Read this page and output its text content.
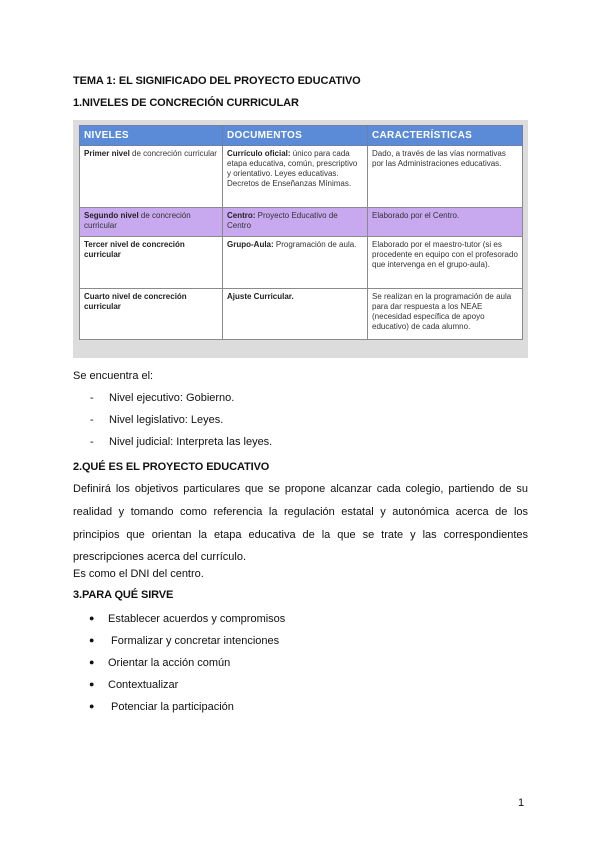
TEMA 1: EL SIGNIFICADO DEL PROYECTO EDUCATIVO
1.NIVELES DE CONCRECIÓN CURRICULAR
NIVELES	DOCUMENTOS	CARACTERÍSTICAS
Primer nivel de concreción curricular	Currículo oficial: único para cada etapa educativa, común, prescriptivo y orientativo. Leyes educativas. Decretos de Enseñanzas Mínimas.	Dado, a través de las vías normativas por las Administraciones educativas.
Segundo nivel de concreción curricular	Centro: Proyecto Educativo de Centro	Elaborado por el Centro.
Tercer nivel de concreción curricular	Grupo-Aula: Programación de aula.	Elaborado por el maestro-tutor (si es procedente en equipo con el profesorado que intervenga en el grupo-aula).
Cuarto nivel de concreción curricular	Ajuste Curricular.	Se realizan en la programación de aula para dar respuesta a los NEAE (necesidad específica de apoyo educativo) de cada alumno.
Se encuentra el:
- Nivel ejecutivo: Gobierno.
- Nivel legislativo: Leyes.
- Nivel judicial: Interpreta las leyes.
2.QUÉ ES EL PROYECTO EDUCATIVO
Definirá los objetivos particulares que se propone alcanzar cada colegio, partiendo de su
realidad y tomando como referencia la regulación estatal y autonómica acerca de los
principios que orientan la etapa educativa de la que se trate y las correspondientes
prescripciones acerca del currículo.
Es como el DNI del centro.
3.PARA QUÉ SIRVE
● Establecer acuerdos y compromisos
● Formalizar y concretar intenciones
● Orientar la acción común
● Contextualizar
● Potenciar la participación
1
